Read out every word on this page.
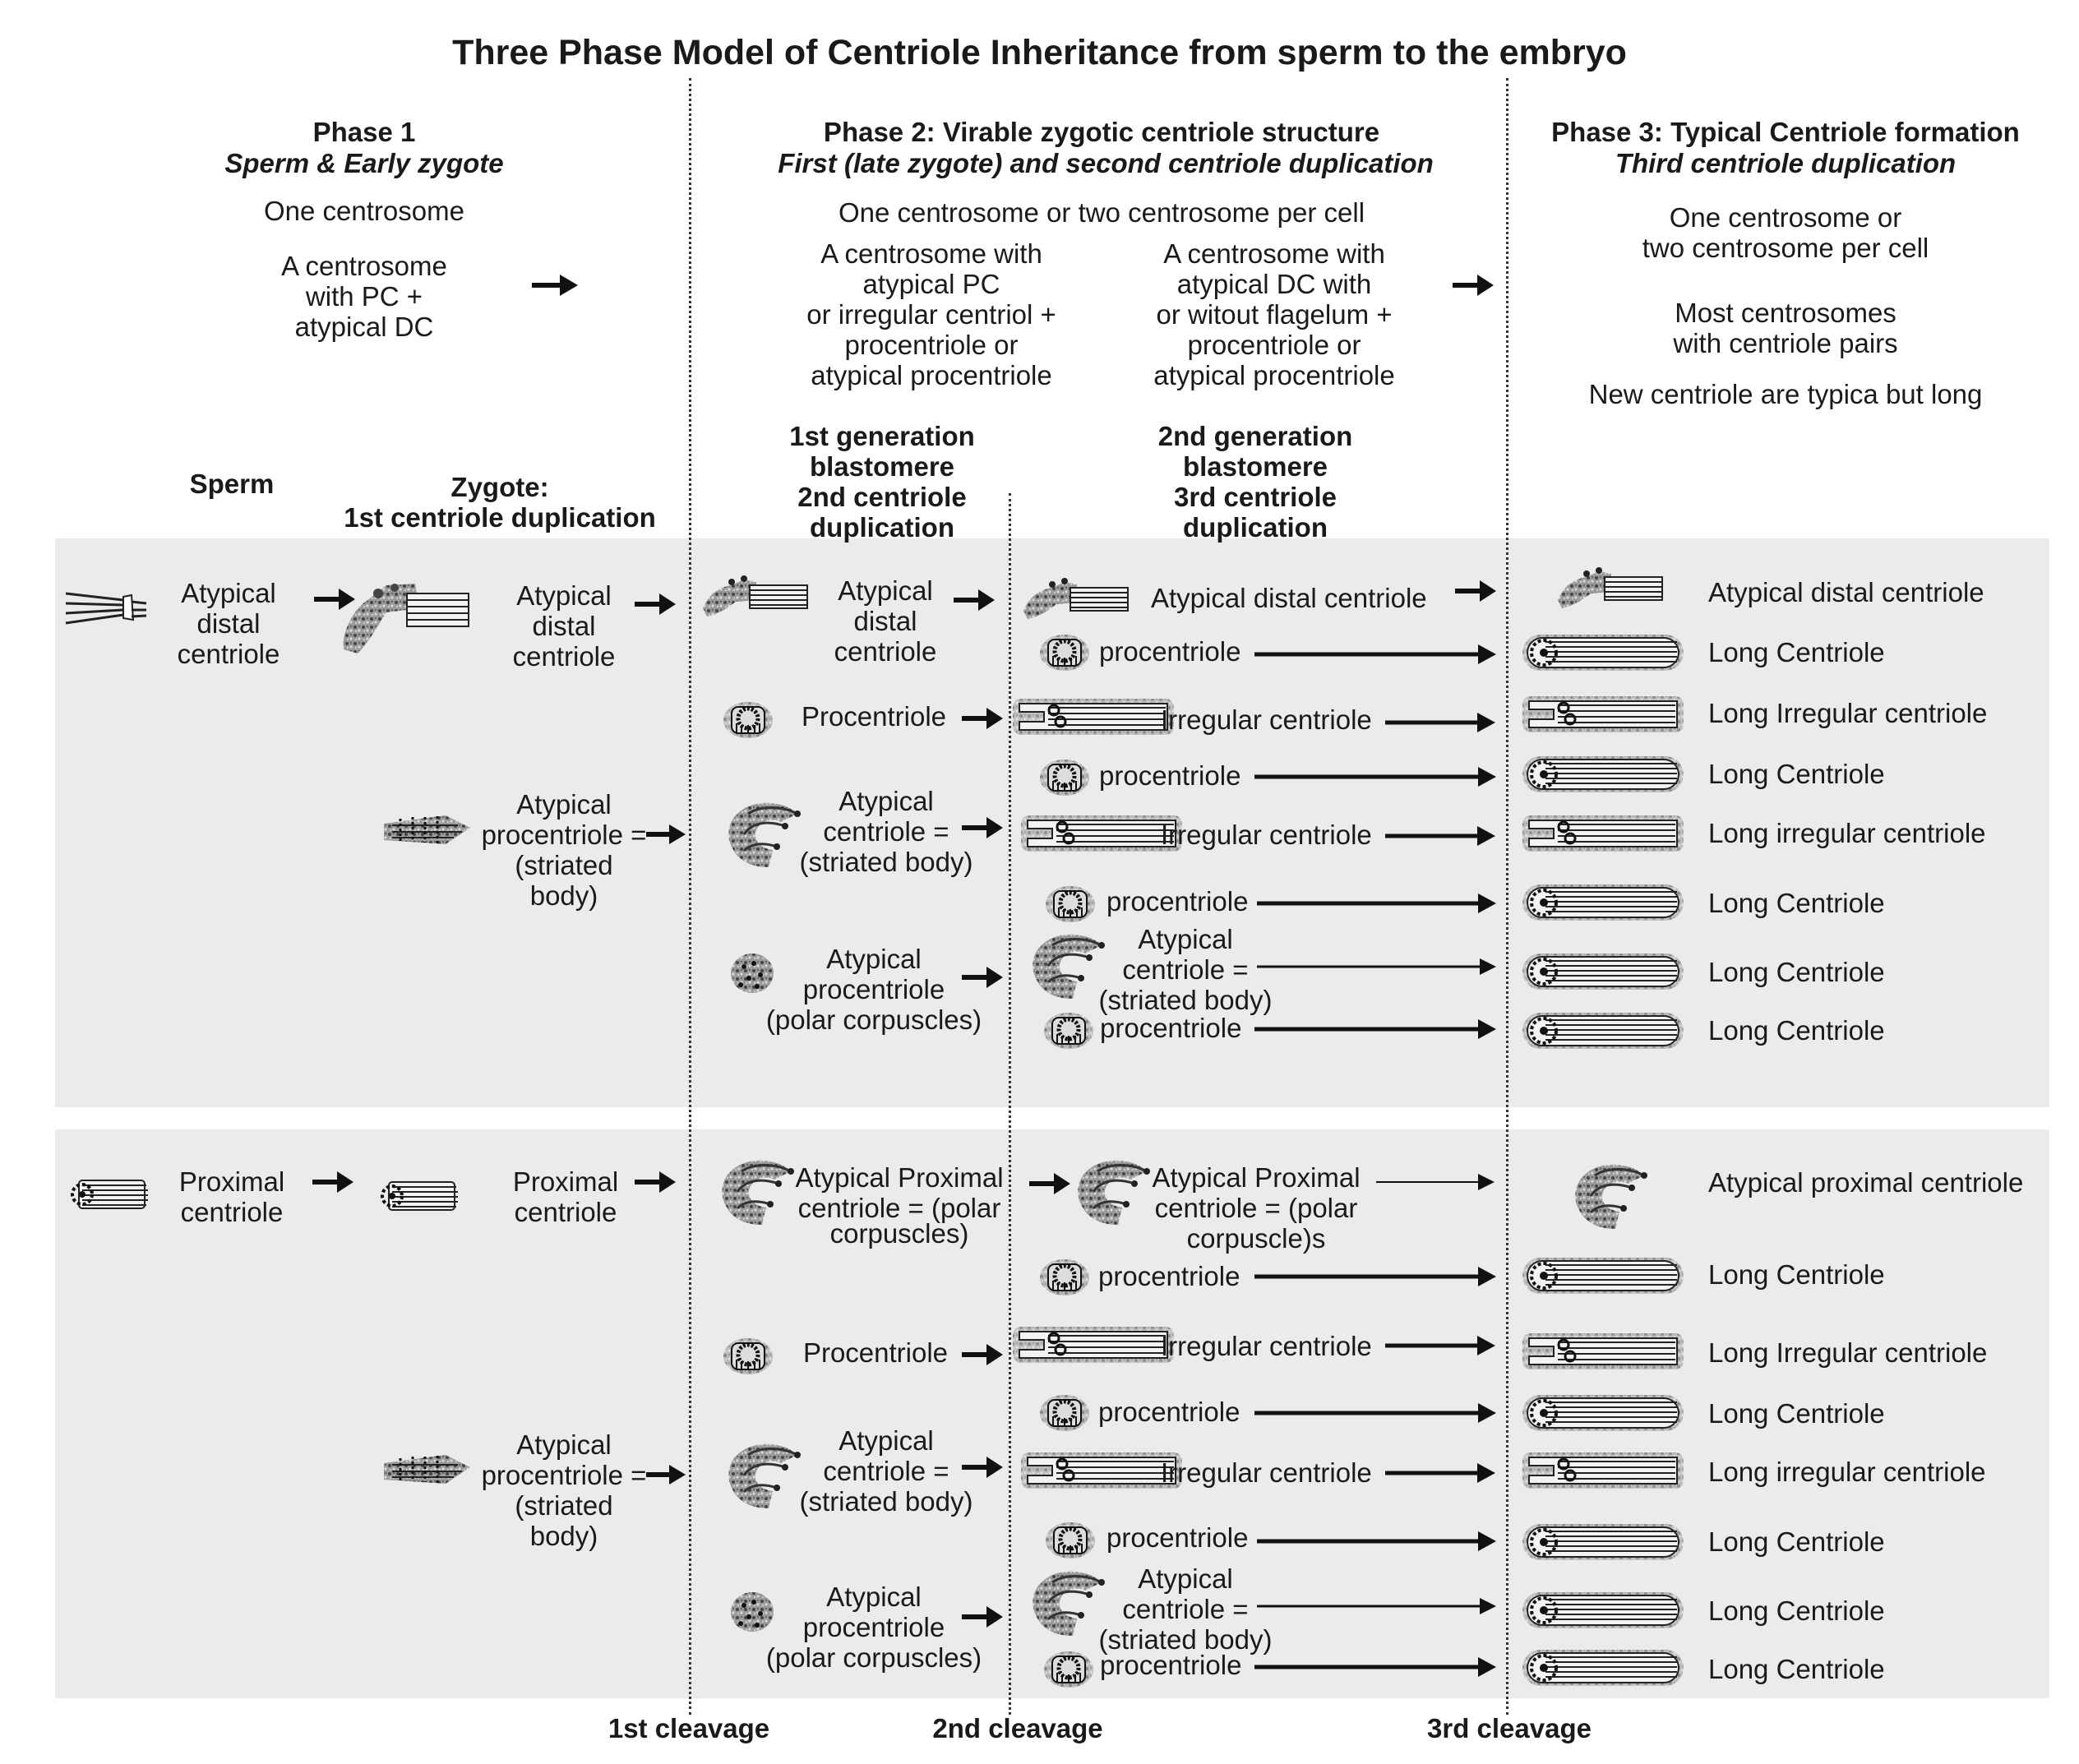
Three Phase Model of Centriole Inheritance from sperm to the embryo
Phase 1
Sperm & Early zygote
One centrosome
A centrosome
with PC +
atypical DC
Phase 2: Virable zygotic centriole structure
First (late zygote) and second centriole duplication
One centrosome or two centrosome per cell
A centrosome with
atypical PC
or irregular centriol +
procentriole or
atypical procentriole
A centrosome with
atypical DC with
or witout flagelum +
procentriole or
atypical procentriole
Phase 3: Typical Centriole formation
Third centriole duplication
One centrosome or
two centrosome per cell
Most centrosomes
with centriole pairs
New centriole are typica but long
Sperm	Zygote:
1st centriole duplication
1st generation
blastomere
2nd centriole
duplication
2nd generation
blastomere
3rd centriole
duplication
Atypical
distal
centriole
Atypical
distal
centriole
Atypical
procentriole =
(striated
body)
Atypical
distal
centriole
Procentriole
Atypical
centriole =
(striated body)
Atypical
procentriole
(polar corpuscles)
Atypical distal centriole
procentriole
Irregular centriole
procentriole
Irregular centriole
procentriole
Atypical
centriole =
(striated body)
procentriole
Atypical distal centriole
Long Centriole
Long Irregular centriole
Long Centriole
Long irregular centriole
Long Centriole
Long Centriole
Long Centriole
Proximal
centriole
Proximal
centriole
Atypical
procentriole =
(striated
body)
Atypical Proximal
centriole = (polar
corpuscles)
Procentriole
Atypical
centriole =
(striated body)
Atypical
procentriole
(polar corpuscles)
Atypical Proximal
centriole = (polar
corpuscle)s
procentriole
Irregular centriole
procentriole
Irregular centriole
procentriole
Atypical
centriole =
(striated body)
procentriole
Atypical proximal centriole
Long Centriole
Long Irregular centriole
Long Centriole
Long irregular centriole
Long Centriole
Long Centriole
Long Centriole
1st cleavage	2nd cleavage	3rd cleavage
